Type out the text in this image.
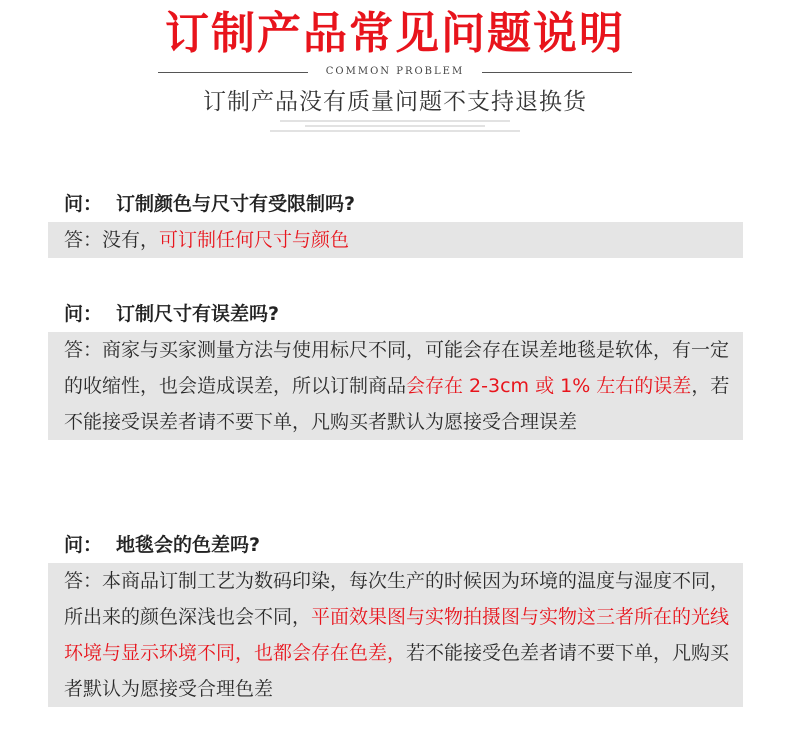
订制产品常见问题说明
COMMON PROBLEM
订制产品没有质量问题不支持退换货
问： 订制颜色与尺寸有受限制吗?
答：没有，可订制任何尺寸与颜色
问： 订制尺寸有误差吗?
答：商家与买家测量方法与使用标尺不同，可能会存在误差地毯是软体，有一定的收缩性，也会造成误差，所以订制商品会存在 2-3cm 或 1% 左右的误差，若不能接受误差者请不要下单，凡购买者默认为愿接受合理误差
问： 地毯会的色差吗?
答：本商品订制工艺为数码印染，每次生产的时候因为环境的温度与湿度不同，所出来的颜色深浅也会不同，平面效果图与实物拍摄图与实物这三者所在的光线环境与显示环境不同，也都会存在色差，若不能接受色差者请不要下单，凡购买者默认为愿接受合理色差
